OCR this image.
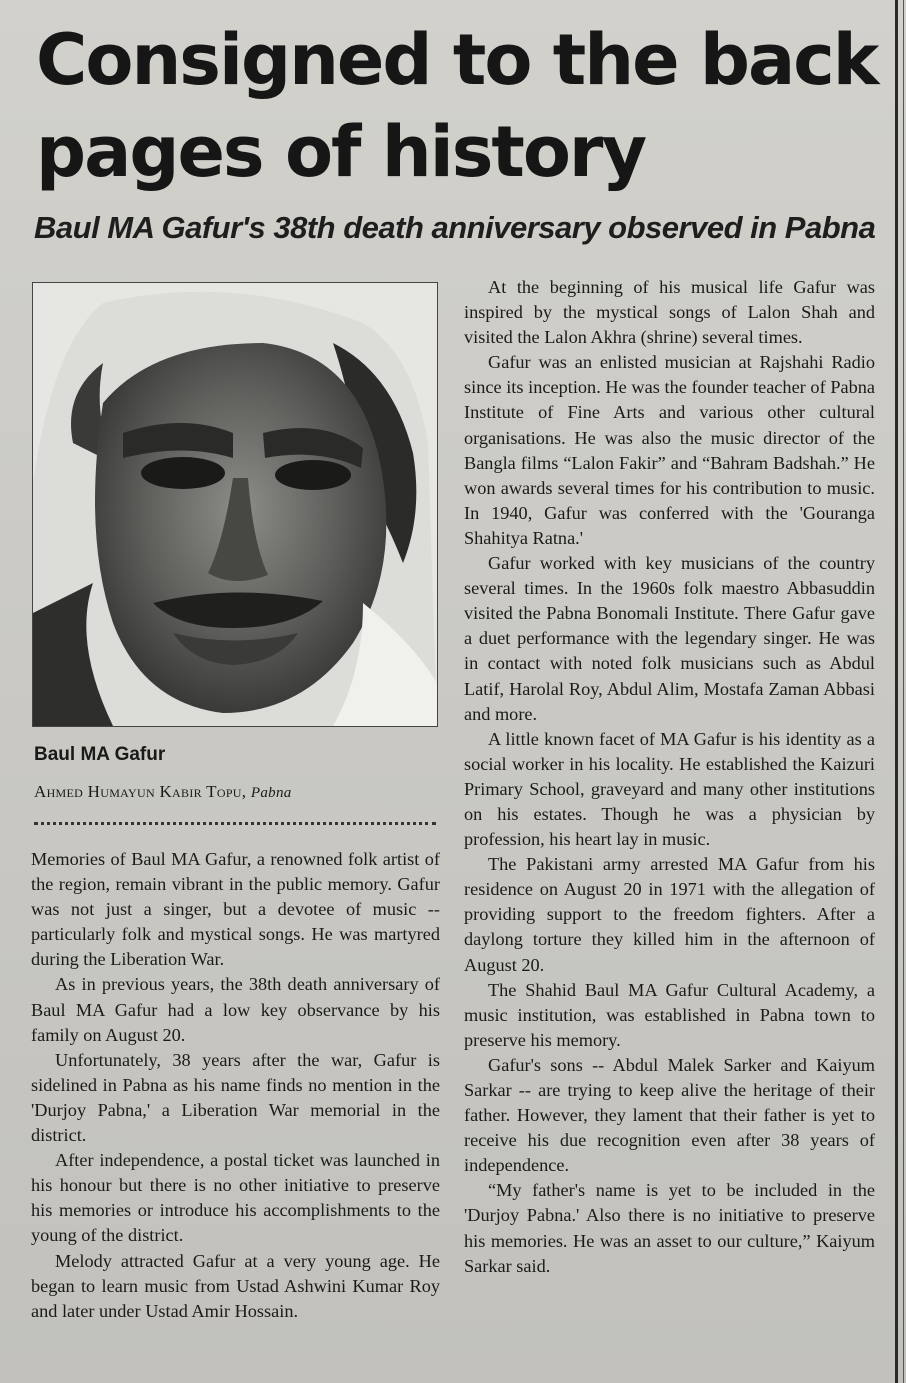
Consigned to the back
pages of history
Baul MA Gafur's 38th death anniversary observed in Pabna
Baul MA Gafur
Ahmed Humayun Kabir Topu, Pabna

Memories of Baul MA Gafur, a renowned folk artist of the region, remain vibrant in the public memory. Gafur was not just a singer, but a devotee of music -- particularly folk and mystical songs. He was martyred during the Liberation War.

As in previous years, the 38th death anniversary of Baul MA Gafur had a low key observance by his family on August 20.

Unfortunately, 38 years after the war, Gafur is sidelined in Pabna as his name finds no mention in the 'Durjoy Pabna,' a Liberation War memorial in the district.

After independence, a postal ticket was launched in his honour but there is no other initiative to preserve his memories or introduce his accomplishments to the young of the district.

Melody attracted Gafur at a very young age. He began to learn music from Ustad Ashwini Kumar Roy and later under Ustad Amir Hossain.

At the beginning of his musical life Gafur was inspired by the mystical songs of Lalon Shah and visited the Lalon Akhra (shrine) several times.

Gafur was an enlisted musician at Rajshahi Radio since its inception. He was the founder teacher of Pabna Institute of Fine Arts and various other cultural organisations. He was also the music director of the Bangla films “Lalon Fakir” and “Bahram Badshah.” He won awards several times for his contribution to music. In 1940, Gafur was conferred with the 'Gouranga Shahitya Ratna.'

Gafur worked with key musicians of the country several times. In the 1960s folk maestro Abbasuddin visited the Pabna Bonomali Institute. There Gafur gave a duet performance with the legendary singer. He was in contact with noted folk musicians such as Abdul Latif, Harolal Roy, Abdul Alim, Mostafa Zaman Abbasi and more.

A little known facet of MA Gafur is his identity as a social worker in his locality. He established the Kaizuri Primary School, graveyard and many other institutions on his estates. Though he was a physician by profession, his heart lay in music.

The Pakistani army arrested MA Gafur from his residence on August 20 in 1971 with the allegation of providing support to the freedom fighters. After a daylong torture they killed him in the afternoon of August 20.

The Shahid Baul MA Gafur Cultural Academy, a music institution, was established in Pabna town to preserve his memory.

Gafur's sons -- Abdul Malek Sarker and Kaiyum Sarkar -- are trying to keep alive the heritage of their father. However, they lament that their father is yet to receive his due recognition even after 38 years of independence.

“My father's name is yet to be included in the 'Durjoy Pabna.' Also there is no initiative to preserve his memories. He was an asset to our culture,” Kaiyum Sarkar said.
